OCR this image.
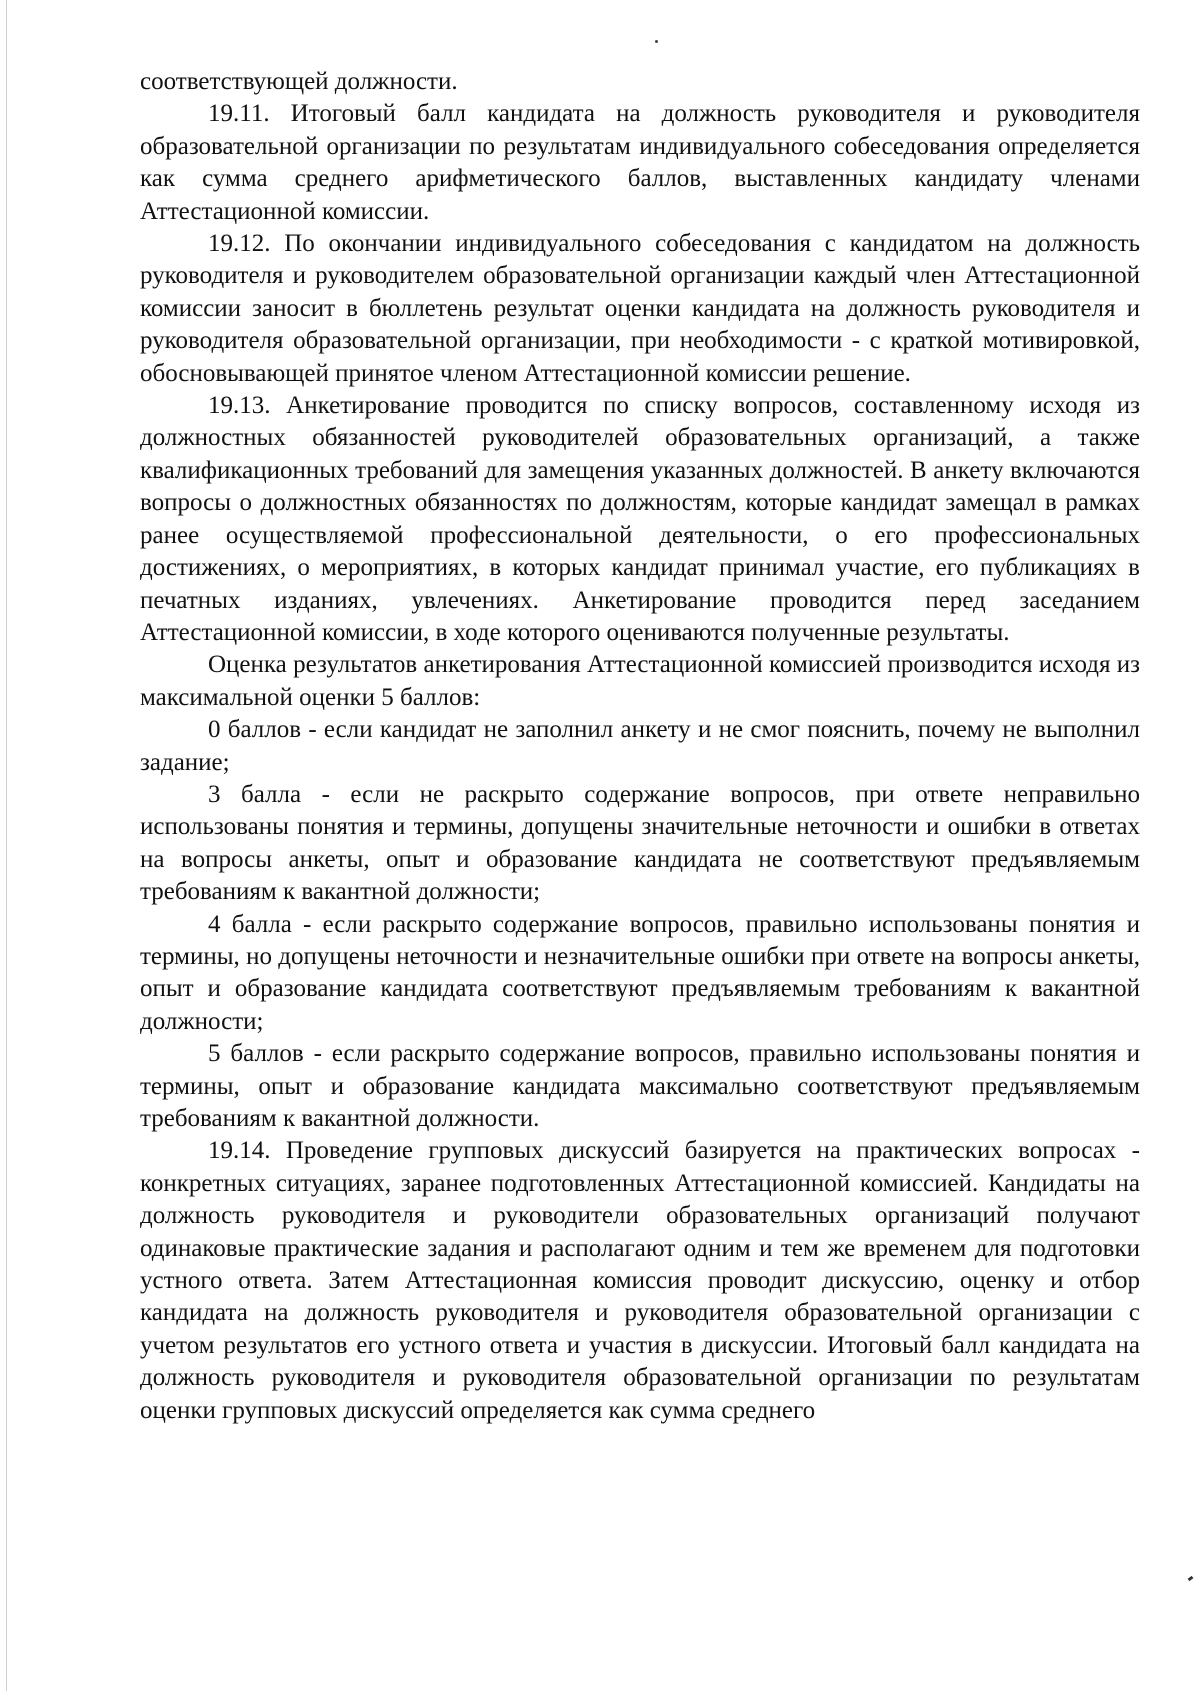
соответствующей должности.

19.11. Итоговый балл кандидата на должность руководителя и руководителя образовательной организации по результатам индивидуального собеседования определяется как сумма среднего арифметического баллов, выставленных кандидату членами Аттестационной комиссии.

19.12. По окончании индивидуального собеседования с кандидатом на должность руководителя и руководителем образовательной организации каждый член Аттестационной комиссии заносит в бюллетень результат оценки кандидата на должность руководителя и руководителя образовательной организации, при необходимости - с краткой мотивировкой, обосновывающей принятое членом Аттестационной комиссии решение.

19.13. Анкетирование проводится по списку вопросов, составленному исходя из должностных обязанностей руководителей образовательных организаций, а также квалификационных требований для замещения указанных должностей. В анкету включаются вопросы о должностных обязанностях по должностям, которые кандидат замещал в рамках ранее осуществляемой профессиональной деятельности, о его профессиональных достижениях, о мероприятиях, в которых кандидат принимал участие, его публикациях в печатных изданиях, увлечениях. Анкетирование проводится перед заседанием Аттестационной комиссии, в ходе которого оцениваются полученные результаты.

Оценка результатов анкетирования Аттестационной комиссией производится исходя из максимальной оценки 5 баллов:

0 баллов - если кандидат не заполнил анкету и не смог пояснить, почему не выполнил задание;

3 балла - если не раскрыто содержание вопросов, при ответе неправильно использованы понятия и термины, допущены значительные неточности и ошибки в ответах на вопросы анкеты, опыт и образование кандидата не соответствуют предъявляемым требованиям к вакантной должности;

4 балла - если раскрыто содержание вопросов, правильно использованы понятия и термины, но допущены неточности и незначительные ошибки при ответе на вопросы анкеты, опыт и образование кандидата соответствуют предъявляемым требованиям к вакантной должности;

5 баллов - если раскрыто содержание вопросов, правильно использованы понятия и термины, опыт и образование кандидата максимально соответствуют предъявляемым требованиям к вакантной должности.

19.14. Проведение групповых дискуссий базируется на практических вопросах - конкретных ситуациях, заранее подготовленных Аттестационной комиссией. Кандидаты на должность руководителя и руководители образовательных организаций получают одинаковые практические задания и располагают одним и тем же временем для подготовки устного ответа. Затем Аттестационная комиссия проводит дискуссию, оценку и отбор кандидата на должность руководителя и руководителя образовательной организации с учетом результатов его устного ответа и участия в дискуссии. Итоговый балл кандидата на должность руководителя и руководителя образовательной организации по результатам оценки групповых дискуссий определяется как сумма среднего
